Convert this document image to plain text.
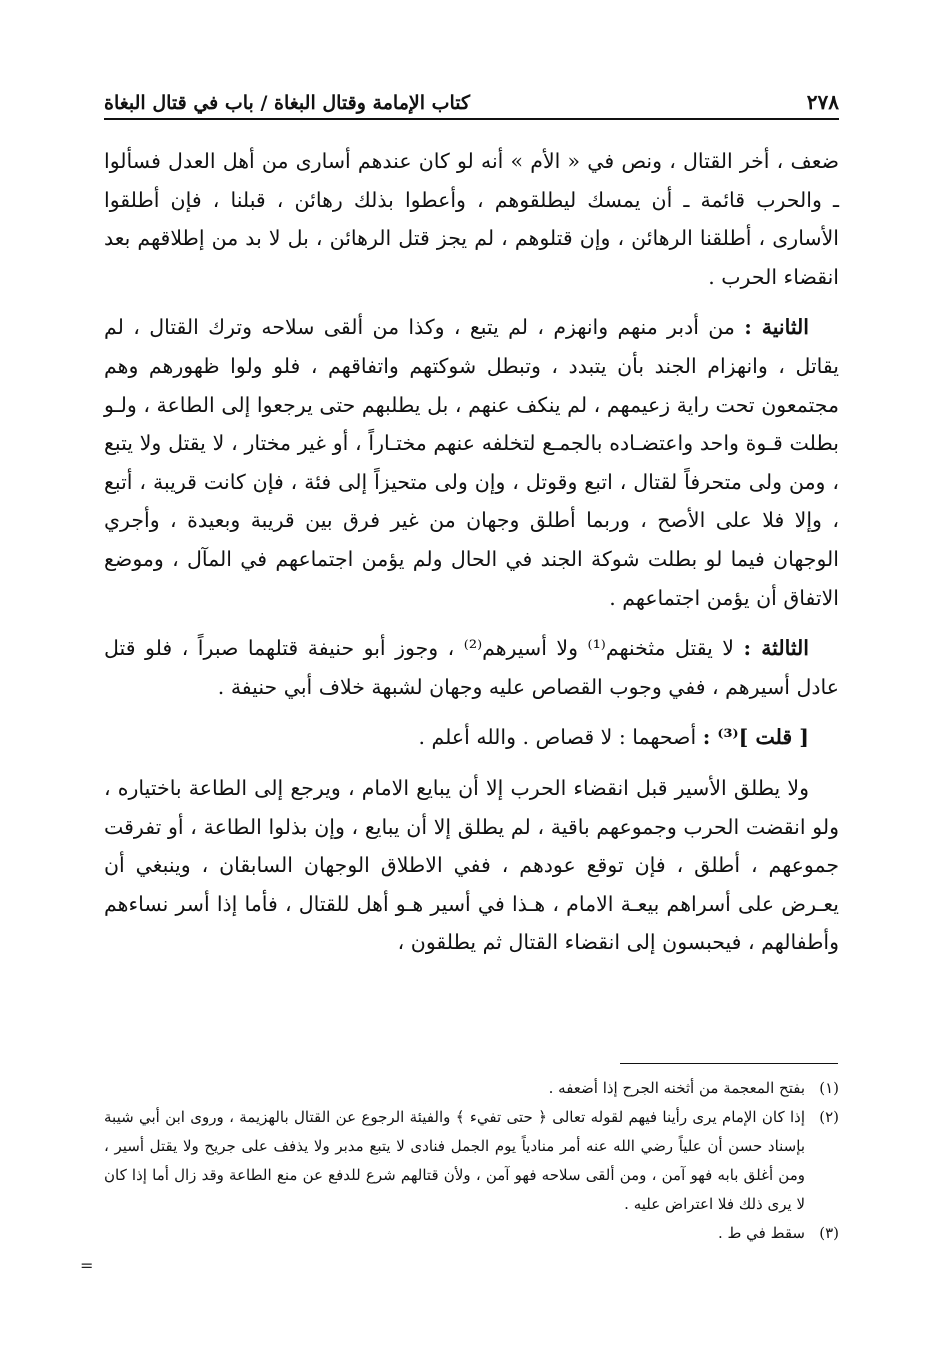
٢٧٨
كتاب الإمامة وقتال البغاة / باب في قتال البغاة

ضعف ، أخر القتال ، ونص في « الأم » أنه لو كان عندهم أسارى من أهل العدل فسألوا ـ والحرب قائمة ـ أن يمسك ليطلقوهم ، وأعطوا بذلك رهائن ، قبلنا ، فإن أطلقوا الأسارى ، أطلقنا الرهائن ، وإن قتلوهم ، لم يجز قتل الرهائن ، بل لا بد من إطلاقهم بعد انقضاء الحرب .

الثانية : من أدبر منهم وانهزم ، لم يتبع ، وكذا من ألقى سلاحه وترك القتال ، لم يقاتل ، وانهزام الجند بأن يتبدد ، وتبطل شوكتهم واتفاقهم ، فلو ولوا ظهورهم وهم مجتمعون تحت راية زعيمهم ، لم ينكف عنهم ، بل يطلبهم حتى يرجعوا إلى الطاعة ، ولـو بطلت قـوة واحد واعتضـاده بالجمـع لتخلفه عنهم مختـاراً ، أو غير مختار ، لا يقتل ولا يتبع ، ومن ولى متحرفاً لقتال ، اتبع وقوتل ، وإن ولى متحيزاً إلى فئة ، فإن كانت قريبة ، أتبع ، وإلا فلا على الأصح ، وربما أطلق وجهان من غير فرق بين قريبة وبعيدة ، وأجري الوجهان فيما لو بطلت شوكة الجند في الحال ولم يؤمن اجتماعهم في المآل ، وموضع الاتفاق أن يؤمن اجتماعهم .

الثالثة : لا يقتل مثخنهم⁽¹⁾ ولا أسيرهم⁽²⁾ ، وجوز أبو حنيفة قتلهما صبراً ، فلو قتل عادل أسيرهم ، ففي وجوب القصاص عليه وجهان لشبهة خلاف أبي حنيفة .

[ قلت ]⁽³⁾ : أصحهما : لا قصاص . والله أعلم .

ولا يطلق الأسير قبل انقضاء الحرب إلا أن يبايع الامام ، ويرجع إلى الطاعة باختياره ، ولو انقضت الحرب وجموعهم باقية ، لم يطلق إلا أن يبايع ، وإن بذلوا الطاعة ، أو تفرقت جموعهم ، أطلق ، فإن توقع عودهم ، ففي الاطلاق الوجهان السابقان ، وينبغي أن يعـرض على أسراهم بيعـة الامام ، هـذا في أسير هـو أهل للقتال ، فأما إذا أسر نساءهم وأطفالهم ، فيحبسون إلى انقضاء القتال ثم يطلقون ،

(١)
بفتح المعجمة من أثخنه الجرح إذا أضعفه .
(٢)
إذا كان الإمام يرى رأينا فيهم لقوله تعالى ﴿ حتى تفيء ﴾ والفيئة الرجوع عن القتال بالهزيمة ، وروى ابن أبي شيبة بإسناد حسن أن علياً رضي الله عنه أمر منادياً يوم الجمل فنادى لا يتبع مدبر ولا يذفف على جريح ولا يقتل أسير ، ومن أغلق بابه فهو آمن ، ومن ألقى سلاحه فهو آمن ، ولأن قتالهم شرع للدفع عن منع الطاعة وقد زال أما إذا كان لا يرى ذلك فلا اعتراض عليه .
(٣)
سقط في ط .
=
